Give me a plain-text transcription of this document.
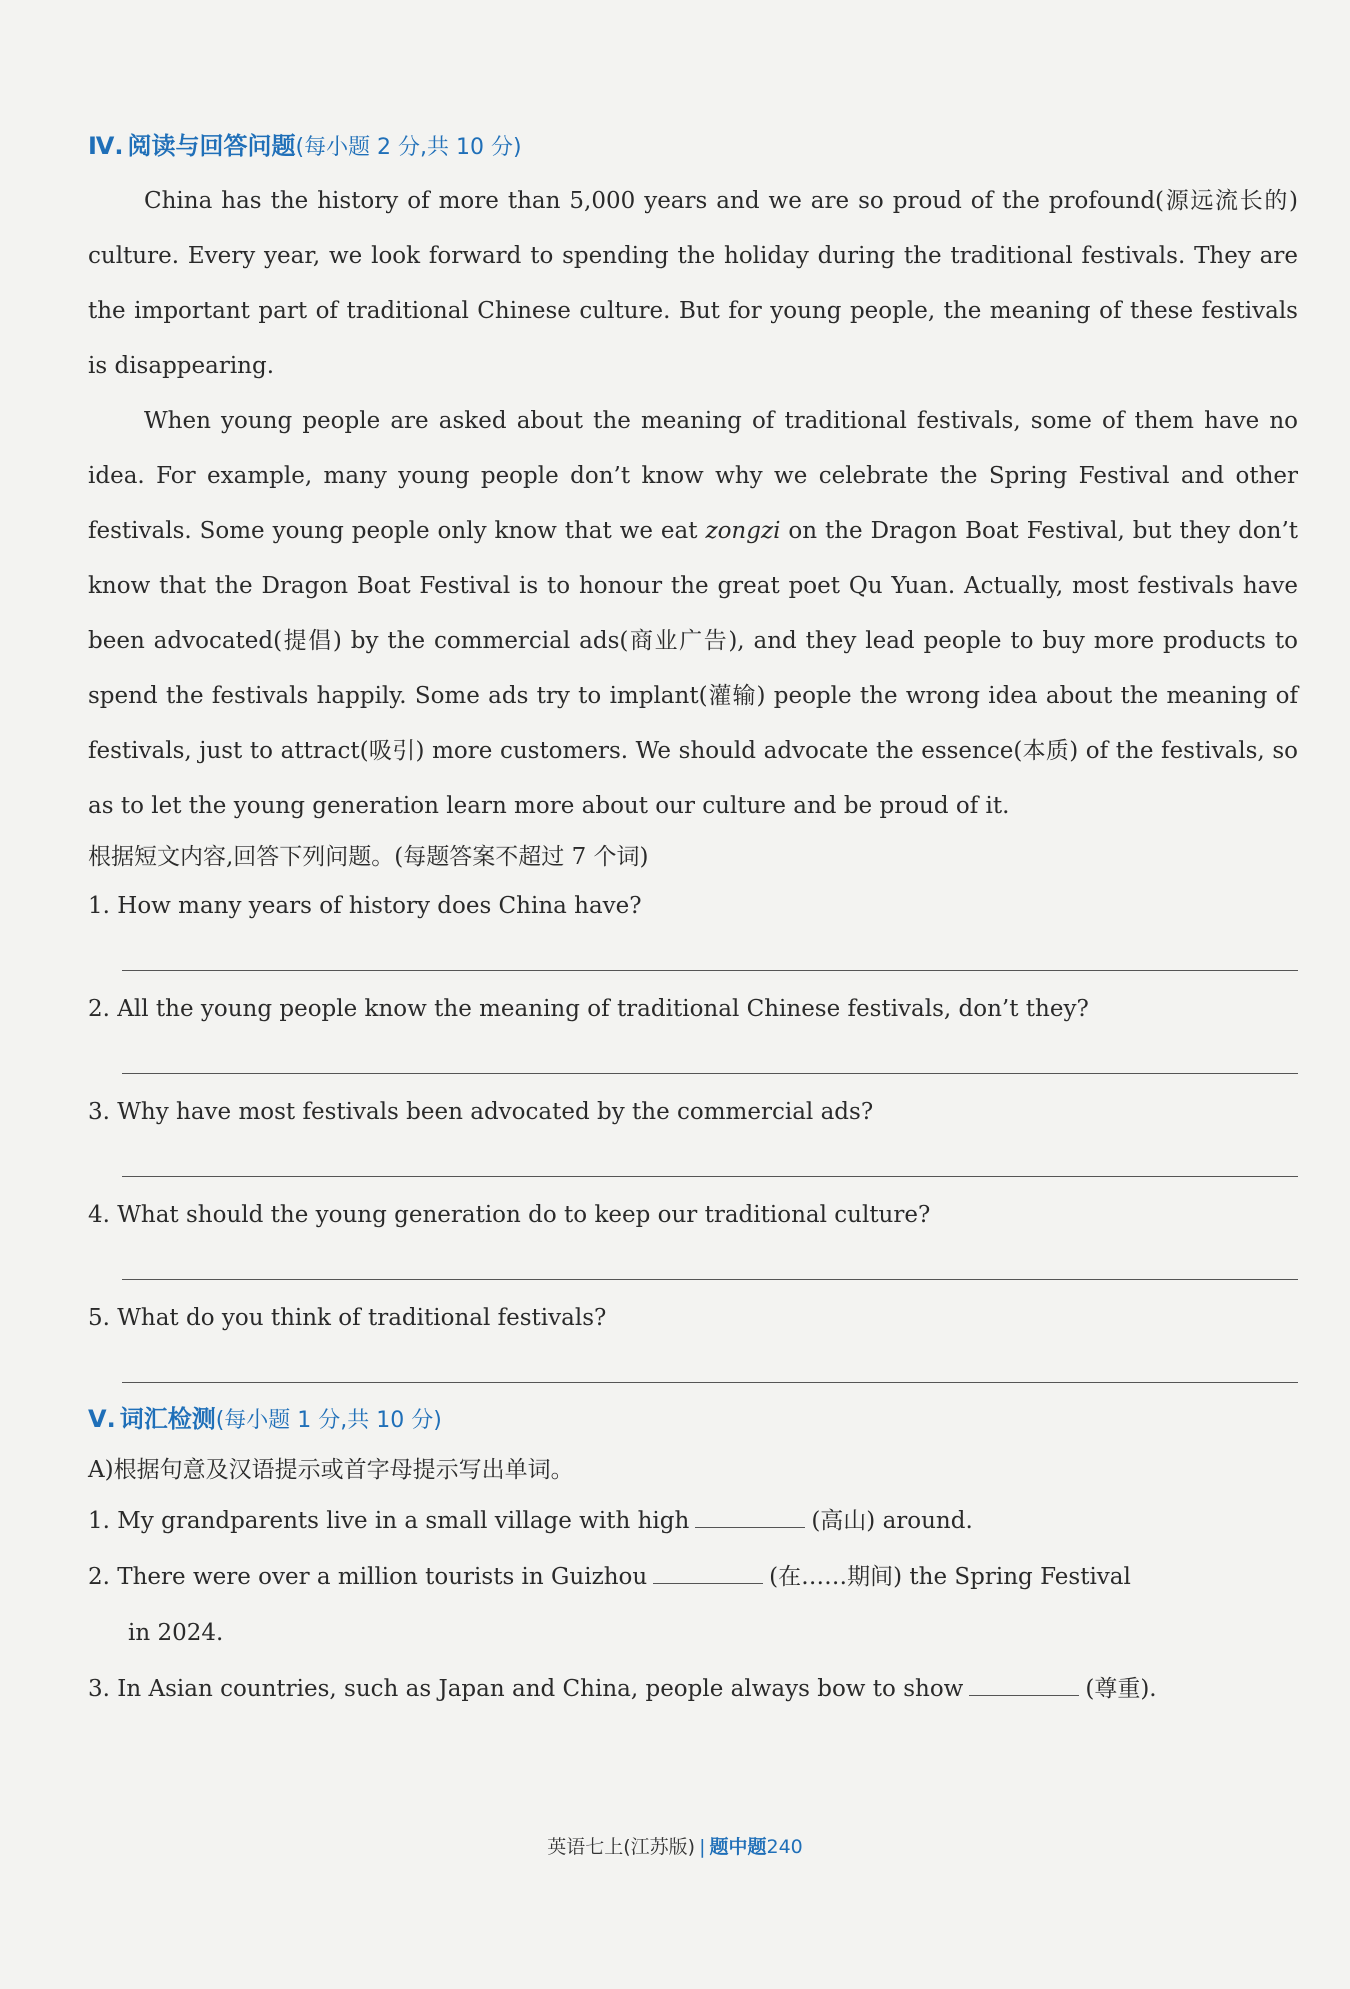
Ⅳ. 阅读与回答问题(每小题 2 分,共 10 分)

China has the history of more than 5,000 years and we are so proud of the profound(源远流长的) culture. Every year, we look forward to spending the holiday during the traditional festivals. They are the important part of traditional Chinese culture. But for young people, the meaning of these festivals is disappearing.

When young people are asked about the meaning of traditional festivals, some of them have no idea. For example, many young people don’t know why we celebrate the Spring Festival and other festivals. Some young people only know that we eat zongzi on the Dragon Boat Festival, but they don’t know that the Dragon Boat Festival is to honour the great poet Qu Yuan. Actually, most festivals have been advocated(提倡) by the commercial ads(商业广告), and they lead people to buy more products to spend the festivals happily. Some ads try to implant(灌输) people the wrong idea about the meaning of festivals, just to attract(吸引) more customers. We should advocate the essence(本质) of the festivals, so as to let the young generation learn more about our culture and be proud of it.

根据短文内容,回答下列问题。(每题答案不超过 7 个词)

1. How many years of history does China have?

2. All the young people know the meaning of traditional Chinese festivals, don’t they?

3. Why have most festivals been advocated by the commercial ads?

4. What should the young generation do to keep our traditional culture?

5. What do you think of traditional festivals?

Ⅴ. 词汇检测(每小题 1 分,共 10 分)

A)根据句意及汉语提示或首字母提示写出单词。

1. My grandparents live in a small village with high	(高山) around.

2. There were over a million tourists in Guizhou	(在……期间) the Spring Festival

in 2024.

3. In Asian countries, such as Japan and China, people always bow to show	(尊重).

英语七上(江苏版) | 题中题240
